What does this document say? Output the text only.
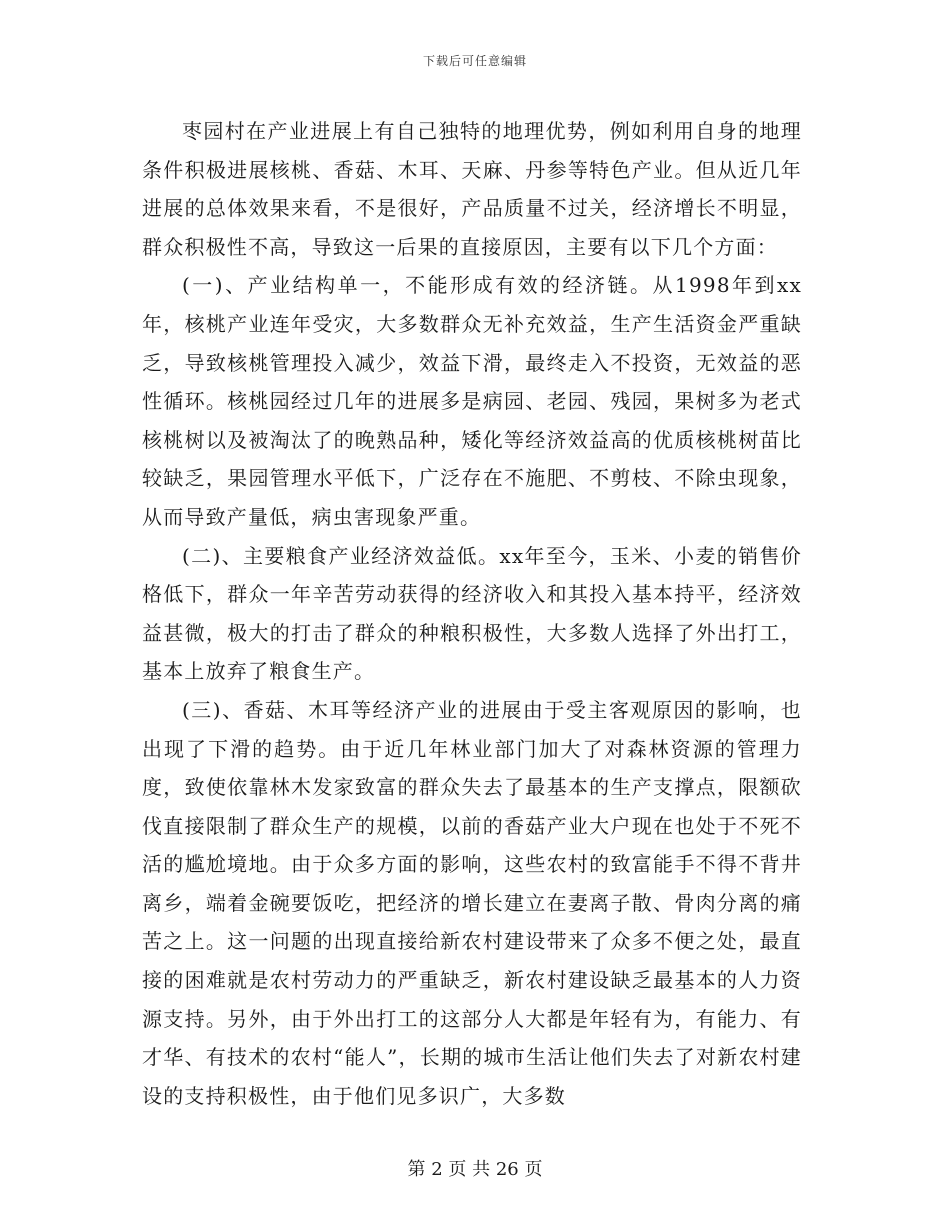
下载后可任意编辑

枣园村在产业进展上有自己独特的地理优势，例如利用自身的地理条件积极进展核桃、香菇、木耳、天麻、丹参等特色产业。但从近几年进展的总体效果来看，不是很好，产品质量不过关，经济增长不明显，群众积极性不高，导致这一后果的直接原因，主要有以下几个方面：

(一)、产业结构单一，不能形成有效的经济链。从1998年到xx年，核桃产业连年受灾，大多数群众无补充效益，生产生活资金严重缺乏，导致核桃管理投入减少，效益下滑，最终走入不投资，无效益的恶性循环。核桃园经过几年的进展多是病园、老园、残园，果树多为老式核桃树以及被淘汰了的晚熟品种，矮化等经济效益高的优质核桃树苗比较缺乏，果园管理水平低下，广泛存在不施肥、不剪枝、不除虫现象，从而导致产量低，病虫害现象严重。

(二)、主要粮食产业经济效益低。xx年至今，玉米、小麦的销售价格低下，群众一年辛苦劳动获得的经济收入和其投入基本持平，经济效益甚微，极大的打击了群众的种粮积极性，大多数人选择了外出打工，基本上放弃了粮食生产。

(三)、香菇、木耳等经济产业的进展由于受主客观原因的影响，也出现了下滑的趋势。由于近几年林业部门加大了对森林资源的管理力度，致使依靠林木发家致富的群众失去了最基本的生产支撑点，限额砍伐直接限制了群众生产的规模，以前的香菇产业大户现在也处于不死不活的尴尬境地。由于众多方面的影响，这些农村的致富能手不得不背井离乡，端着金碗要饭吃，把经济的增长建立在妻离子散、骨肉分离的痛苦之上。这一问题的出现直接给新农村建设带来了众多不便之处，最直接的困难就是农村劳动力的严重缺乏，新农村建设缺乏最基本的人力资源支持。另外，由于外出打工的这部分人大都是年轻有为，有能力、有才华、有技术的农村“能人”，长期的城市生活让他们失去了对新农村建设的支持积极性，由于他们见多识广，大多数

第 2 页 共 26 页
